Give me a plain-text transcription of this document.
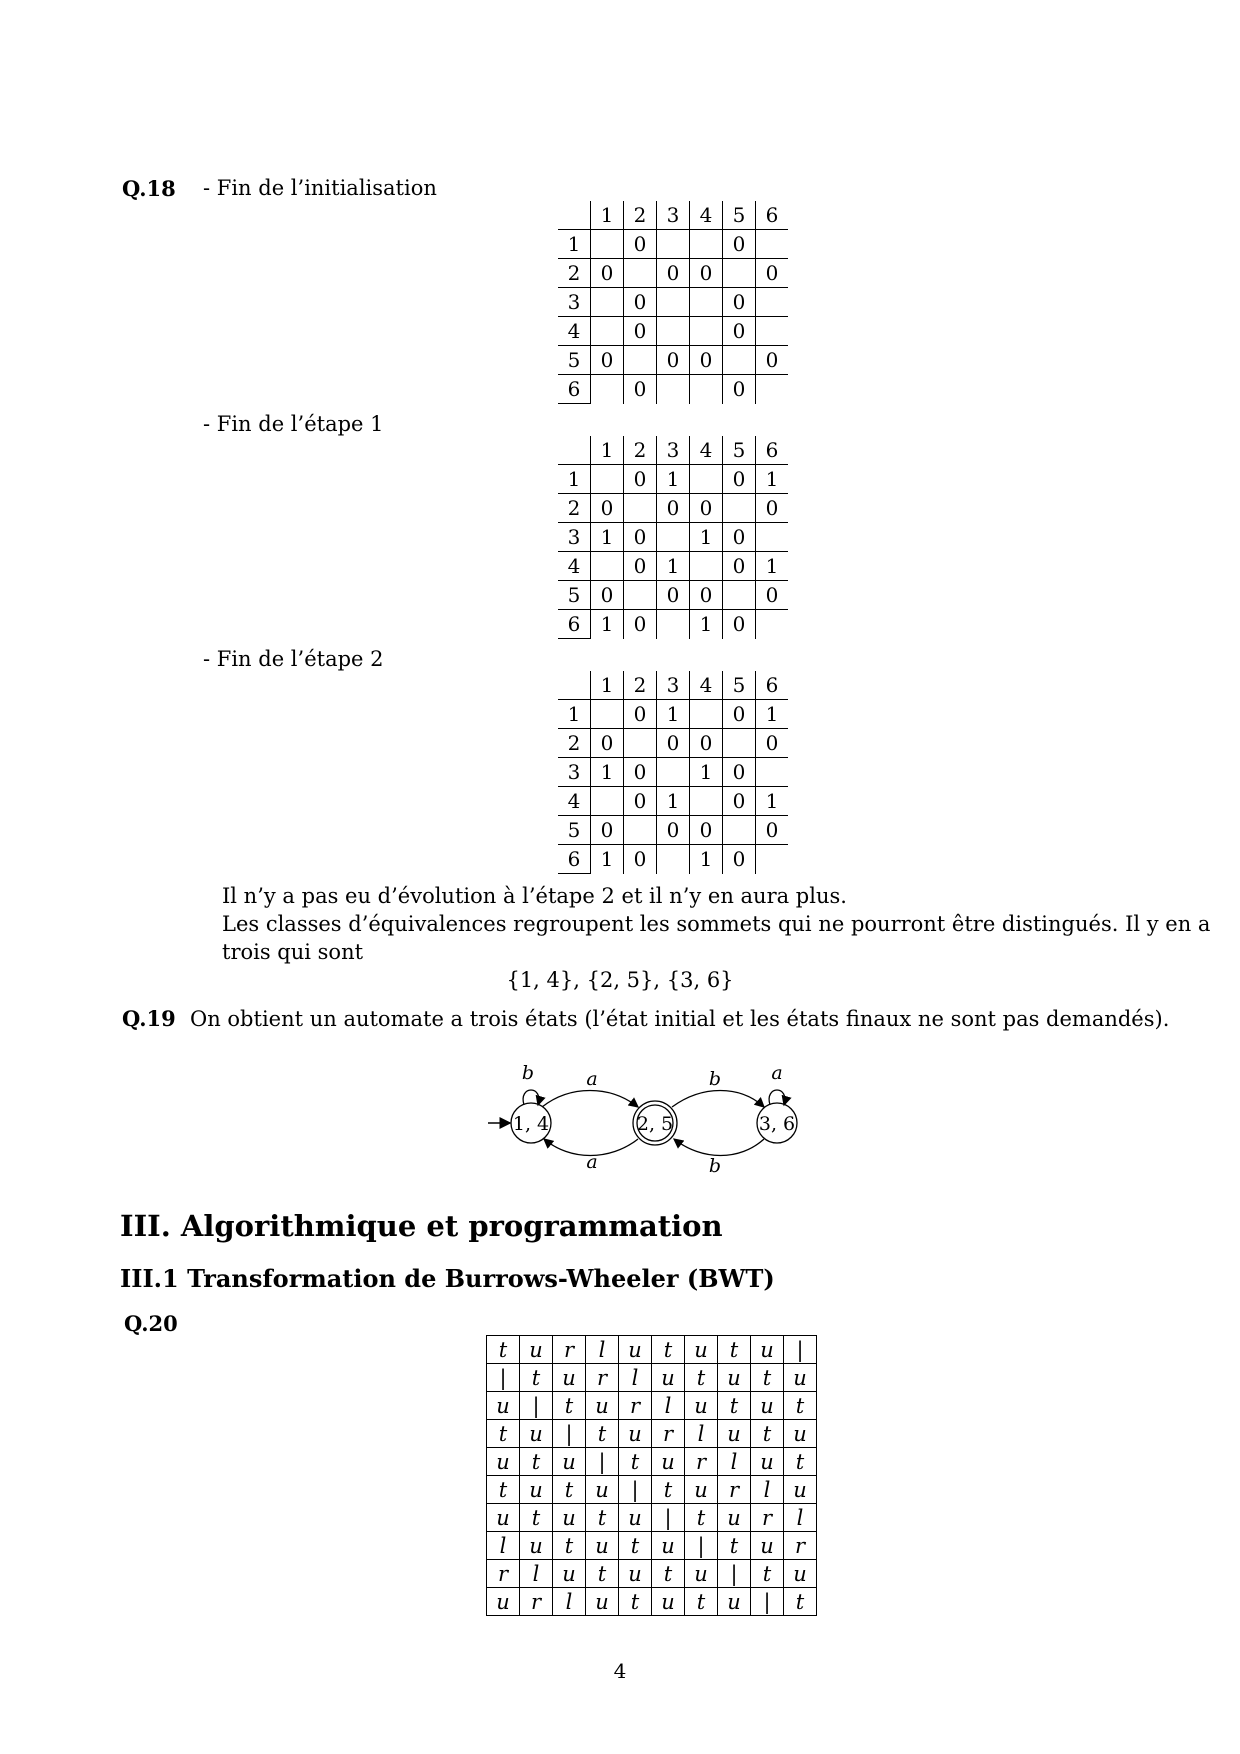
Q.18 - Fin de l’initialisation
	1	2	3	4	5	6
1		0			0	
2	0		0	0		0
3		0			0	
4		0			0	
5	0		0	0		0
6		0			0	
- Fin de l’étape 1
	1	2	3	4	5	6
1		0	1		0	1
2	0		0	0		0
3	1	0		1	0	
4		0	1		0	1
5	0		0	0		0
6	1	0		1	0	
- Fin de l’étape 2
	1	2	3	4	5	6
1		0	1		0	1
2	0		0	0		0
3	1	0		1	0	
4		0	1		0	1
5	0		0	0		0
6	1	0		1	0	
Il n’y a pas eu d’évolution à l’étape 2 et il n’y en aura plus.
Les classes d’équivalences regroupent les sommets qui ne pourront être distingués. Il y en a
trois qui sont
{1, 4}, {2, 5}, {3, 6}
Q.19 On obtient un automate a trois états (l’état initial et les états finaux ne sont pas demandés).
1, 4	2, 5	3, 6
b	a
a	b
a	b
III. Algorithmique et programmation
III.1 Transformation de Burrows-Wheeler (BWT)
Q.20
t	u	r	l	u	t	u	t	u	|
|	t	u	r	l	u	t	u	t	u
u	|	t	u	r	l	u	t	u	t
t	u	|	t	u	r	l	u	t	u
u	t	u	|	t	u	r	l	u	t
t	u	t	u	|	t	u	r	l	u
u	t	u	t	u	|	t	u	r	l
l	u	t	u	t	u	|	t	u	r
r	l	u	t	u	t	u	|	t	u
u	r	l	u	t	u	t	u	|	t
4
